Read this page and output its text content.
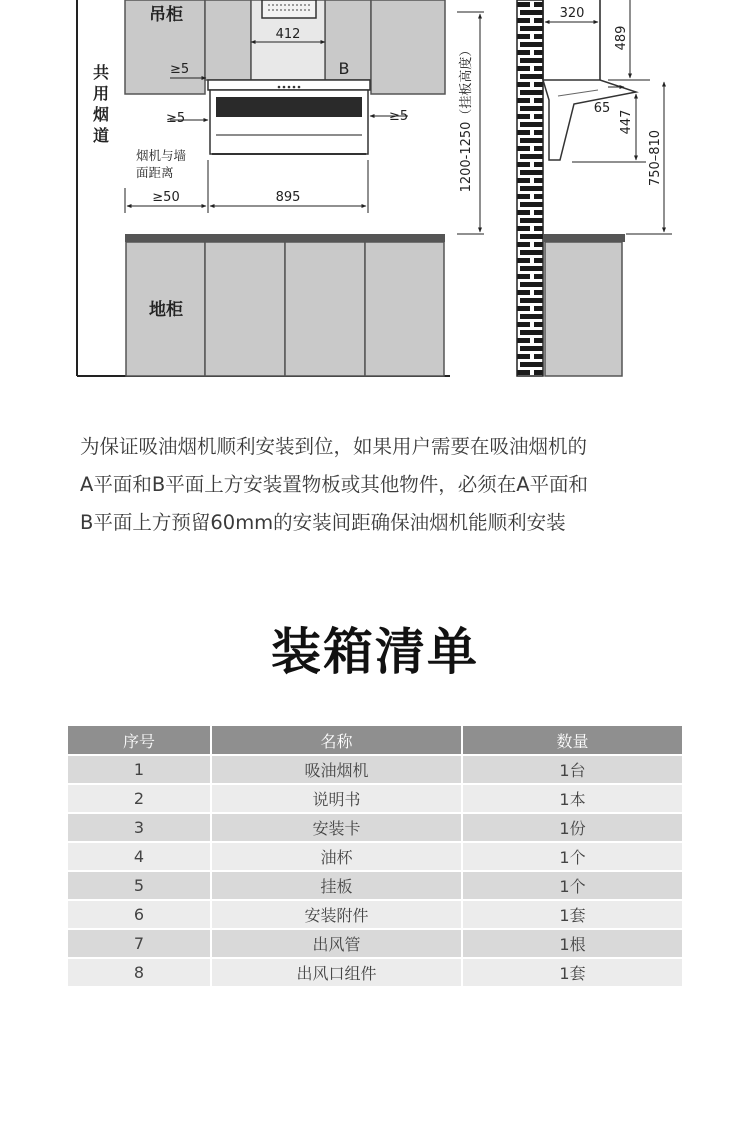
吊柜
412
B
≥5
≥5	≥5
烟机与墙
面距离
≥50	895
共
用
烟
道
地柜
1200-1250（挂板高度）
320
489
65
447
750–810
为保证吸油烟机顺利安装到位，如果用户需要在吸油烟机的
A平面和B平面上方安装置物板或其他物件，必须在A平面和
B平面上方预留60mm的安装间距确保油烟机能顺利安装
装箱清单
序号	名称	数量
1	吸油烟机	1台
2	说明书	1本
3	安装卡	1份
4	油杯	1个
5	挂板	1个
6	安装附件	1套
7	出风管	1根
8	出风口组件	1套
